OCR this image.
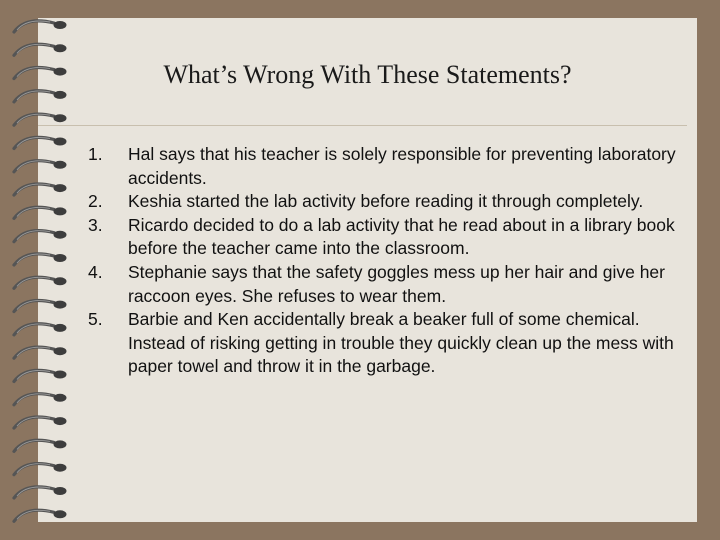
What’s Wrong With These Statements?
1.	Hal says that his teacher is solely responsible for preventing laboratory accidents.
2.	Keshia started the lab activity before reading it through completely.
3.	Ricardo decided to do a lab activity that he read about in a library book before the teacher came into the classroom.
4.	Stephanie says that the safety goggles mess up her hair and give her raccoon eyes. She refuses to wear them.
5.	Barbie and Ken accidentally break a beaker full of some chemical. Instead of risking getting in trouble they quickly clean up the mess with paper towel and throw it in the garbage.
